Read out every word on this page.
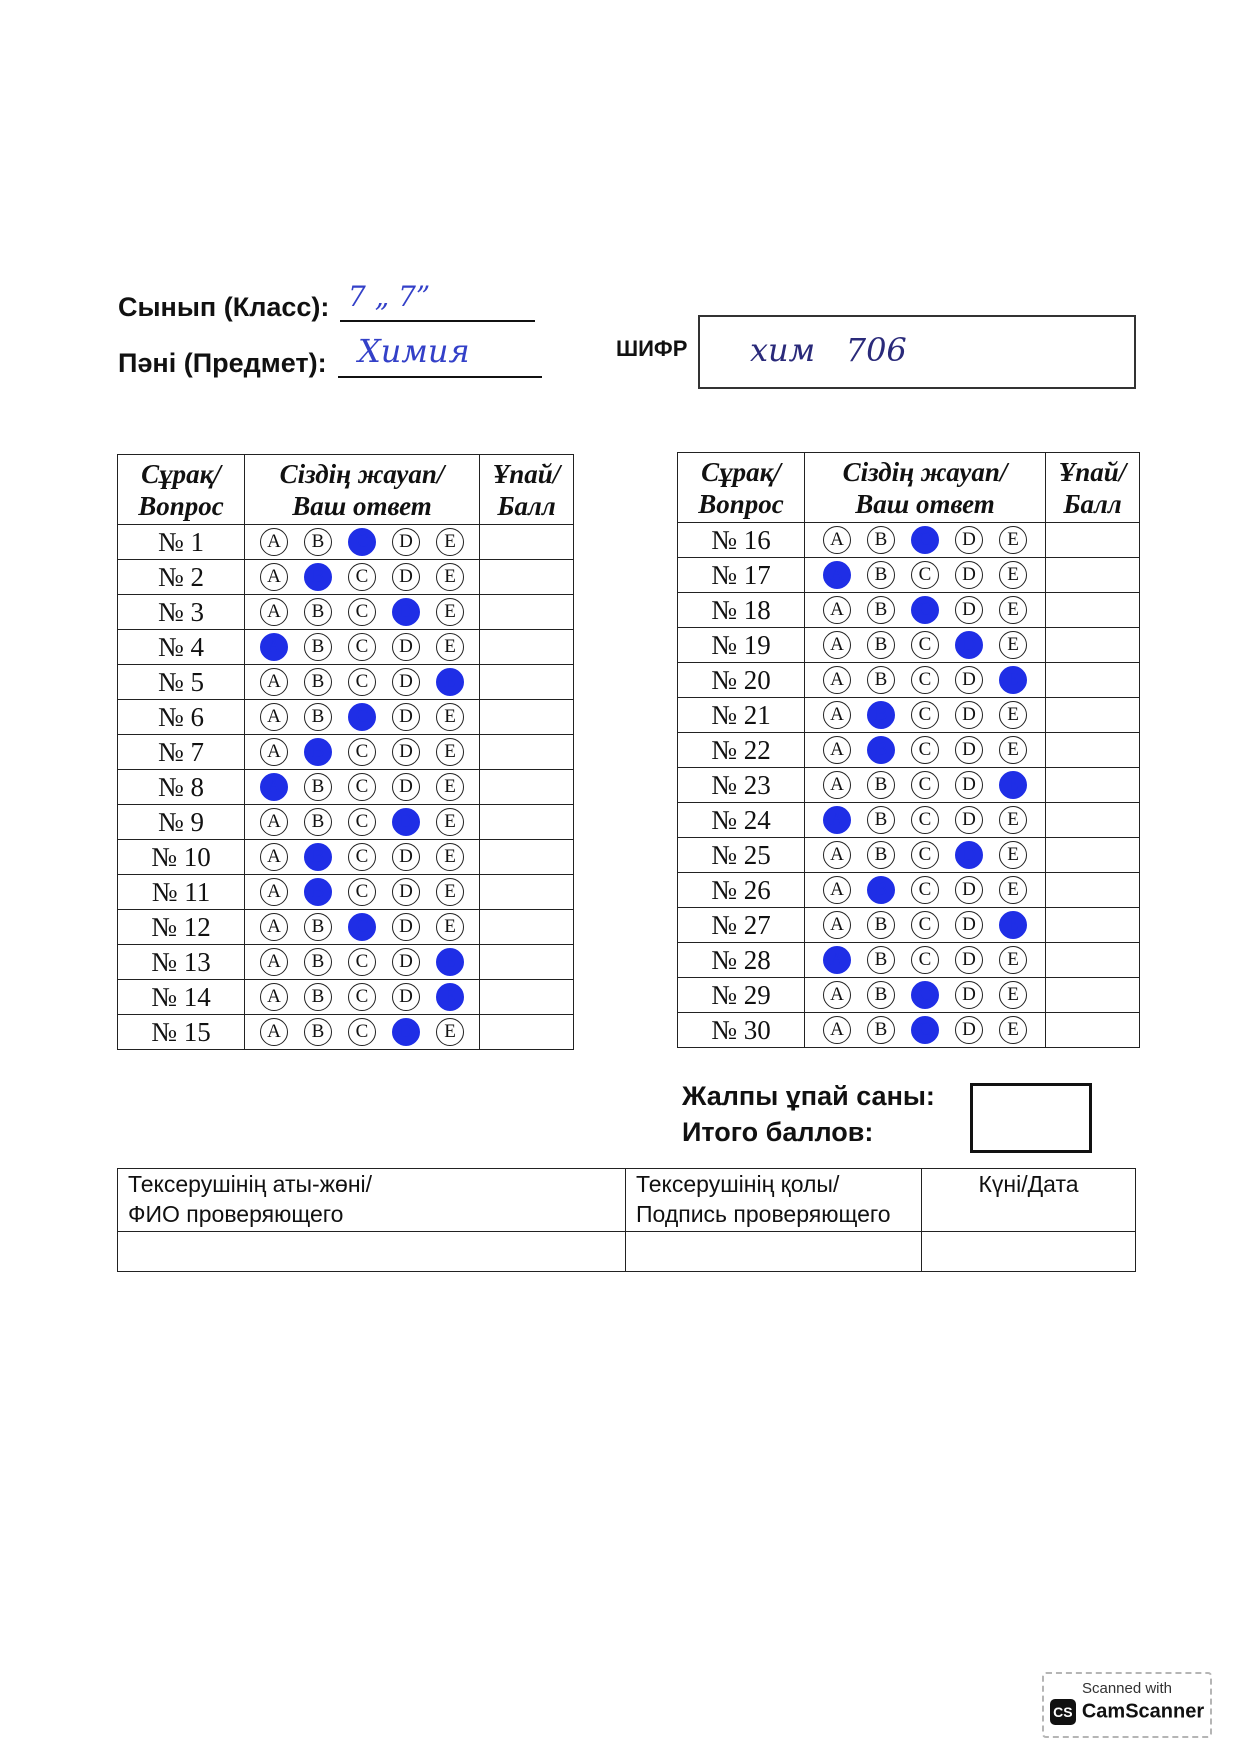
Сынып (Класс): 7 „ 7”
Пәні (Предмет): Химия	ШИФР хим   706
Сұрақ/
Вопрос	Сіздің жауап/
Ваш ответ	Ұпай/
Балл
№ 1	A B C D E	
№ 2	A B C D E	
№ 3	A B C D E	
№ 4	A B C D E	
№ 5	A B C D E	
№ 6	A B C D E	
№ 7	A B C D E	
№ 8	A B C D E	
№ 9	A B C D E	
№ 10	A B C D E	
№ 11	A B C D E	
№ 12	A B C D E	
№ 13	A B C D E	
№ 14	A B C D E	
№ 15	A B C D E	
Сұрақ/
Вопрос	Сіздің жауап/
Ваш ответ	Ұпай/
Балл
№ 16	A B C D E	
№ 17	A B C D E	
№ 18	A B C D E	
№ 19	A B C D E	
№ 20	A B C D E	
№ 21	A B C D E	
№ 22	A B C D E	
№ 23	A B C D E	
№ 24	A B C D E	
№ 25	A B C D E	
№ 26	A B C D E	
№ 27	A B C D E	
№ 28	A B C D E	
№ 29	A B C D E	
№ 30	A B C D E	
Жалпы ұпай саны:
Итого баллов:
Тексерушінің аты-жөні/
ФИО проверяющего	Тексерушінің қолы/
Подпись проверяющего	Күні/Дата

Scanned with
CS CamScanner
